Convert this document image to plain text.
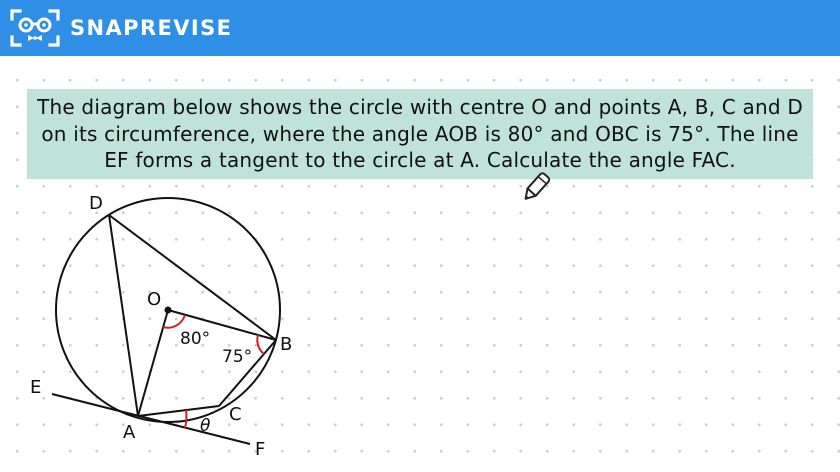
SNAPREVISE
The diagram below shows the circle with centre O and points A, B, C and D on its circumference, where the angle AOB is 80° and OBC is 75°. The line EF forms a tangent to the circle at A. Calculate the angle FAC.
D
O
B
C
A
E
F
80°
75°
θ
